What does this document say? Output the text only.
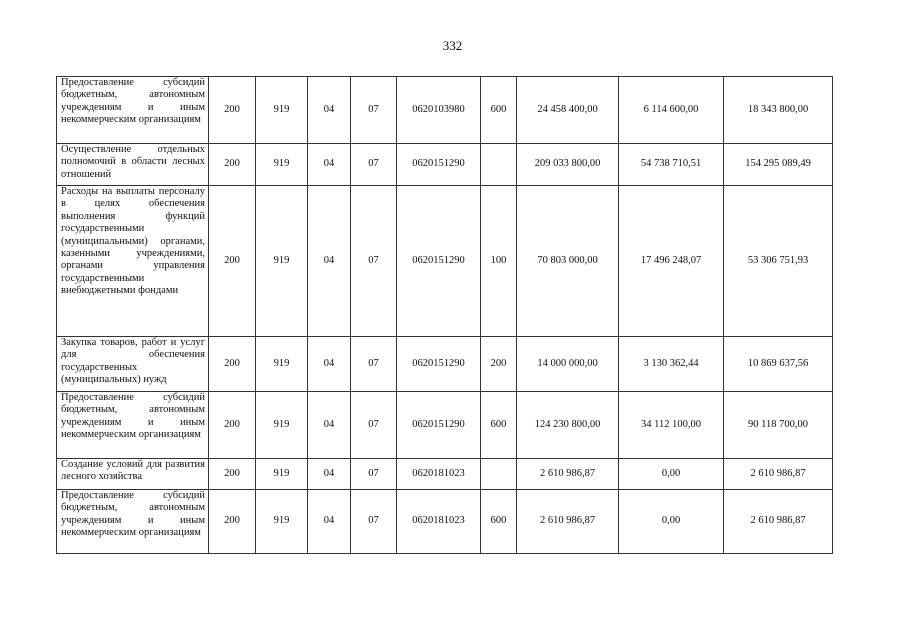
332
Предоставление субсидий бюджетным, автономным учреждениям и иным некоммерческим организациям	200	919	04	07	0620103980	600	24 458 400,00	6 114 600,00	18 343 800,00
Осуществление отдельных полномочий в области лесных отношений	200	919	04	07	0620151290		209 033 800,00	54 738 710,51	154 295 089,49
Расходы на выплаты персоналу в целях обеспечения выполнения функций государственными (муниципальными) органами, казенными учреждениями, органами управления государственными внебюджетными фондами	200	919	04	07	0620151290	100	70 803 000,00	17 496 248,07	53 306 751,93
Закупка товаров, работ и услуг для обеспечения государственных (муниципальных) нужд	200	919	04	07	0620151290	200	14 000 000,00	3 130 362,44	10 869 637,56
Предоставление субсидий бюджетным, автономным учреждениям и иным некоммерческим организациям	200	919	04	07	0620151290	600	124 230 800,00	34 112 100,00	90 118 700,00
Создание условий для развития лесного хозяйства	200	919	04	07	0620181023		2 610 986,87	0,00	2 610 986,87
Предоставление субсидий бюджетным, автономным учреждениям и иным некоммерческим организациям	200	919	04	07	0620181023	600	2 610 986,87	0,00	2 610 986,87
